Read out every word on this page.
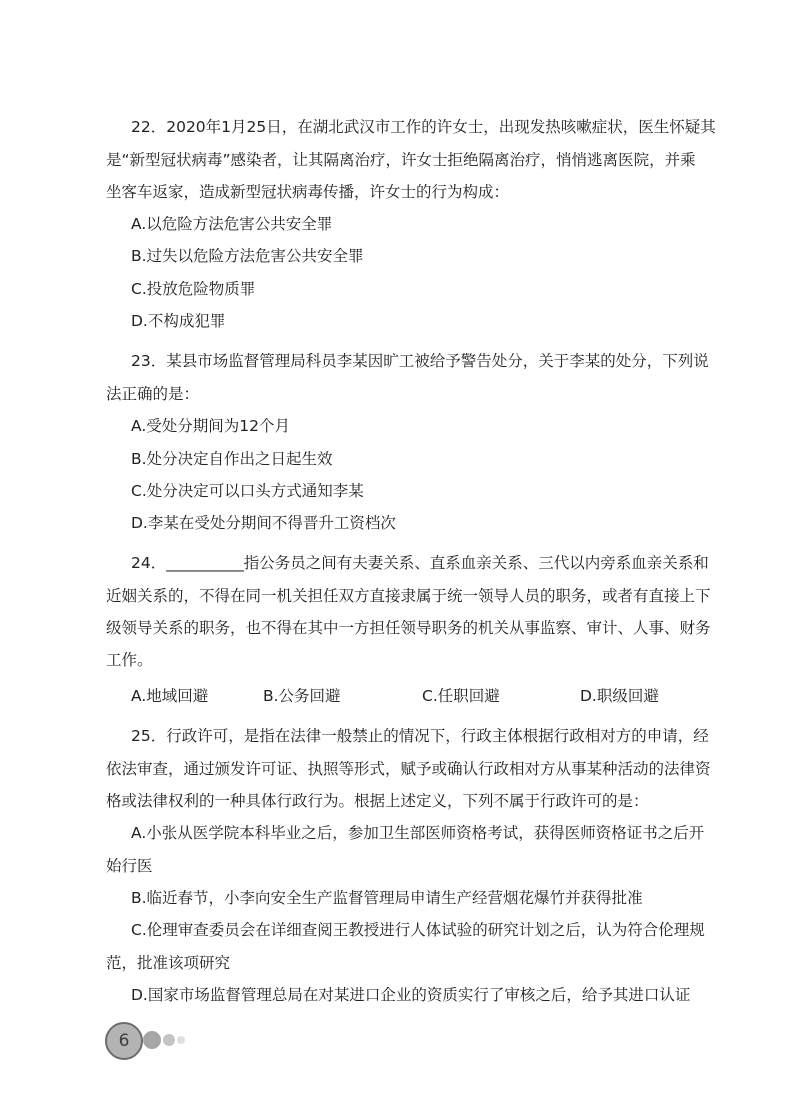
22．2020年1月25日，在湖北武汉市工作的许女士，出现发热咳嗽症状，医生怀疑其
是“新型冠状病毒”感染者，让其隔离治疗，许女士拒绝隔离治疗，悄悄逃离医院，并乘
坐客车返家，造成新型冠状病毒传播，许女士的行为构成：
A.以危险方法危害公共安全罪
B.过失以危险方法危害公共安全罪
C.投放危险物质罪
D.不构成犯罪
23．某县市场监督管理局科员李某因旷工被给予警告处分，关于李某的处分，下列说
法正确的是：
A.受处分期间为12个月
B.处分决定自作出之日起生效
C.处分决定可以口头方式通知李某
D.李某在受处分期间不得晋升工资档次
24．__________指公务员之间有夫妻关系、直系血亲关系、三代以内旁系血亲关系和
近姻关系的，不得在同一机关担任双方直接隶属于统一领导人员的职务，或者有直接上下
级领导关系的职务，也不得在其中一方担任领导职务的机关从事监察、审计、人事、财务
工作。
A.地域回避	B.公务回避	C.任职回避	D.职级回避
25．行政许可，是指在法律一般禁止的情况下，行政主体根据行政相对方的申请，经
依法审查，通过颁发许可证、执照等形式，赋予或确认行政相对方从事某种活动的法律资
格或法律权利的一种具体行政行为。根据上述定义，下列不属于行政许可的是：
A.小张从医学院本科毕业之后，参加卫生部医师资格考试，获得医师资格证书之后开
始行医
B.临近春节，小李向安全生产监督管理局申请生产经营烟花爆竹并获得批准
C.伦理审查委员会在详细查阅王教授进行人体试验的研究计划之后，认为符合伦理规
范，批准该项研究
D.国家市场监督管理总局在对某进口企业的资质实行了审核之后，给予其进口认证
6
